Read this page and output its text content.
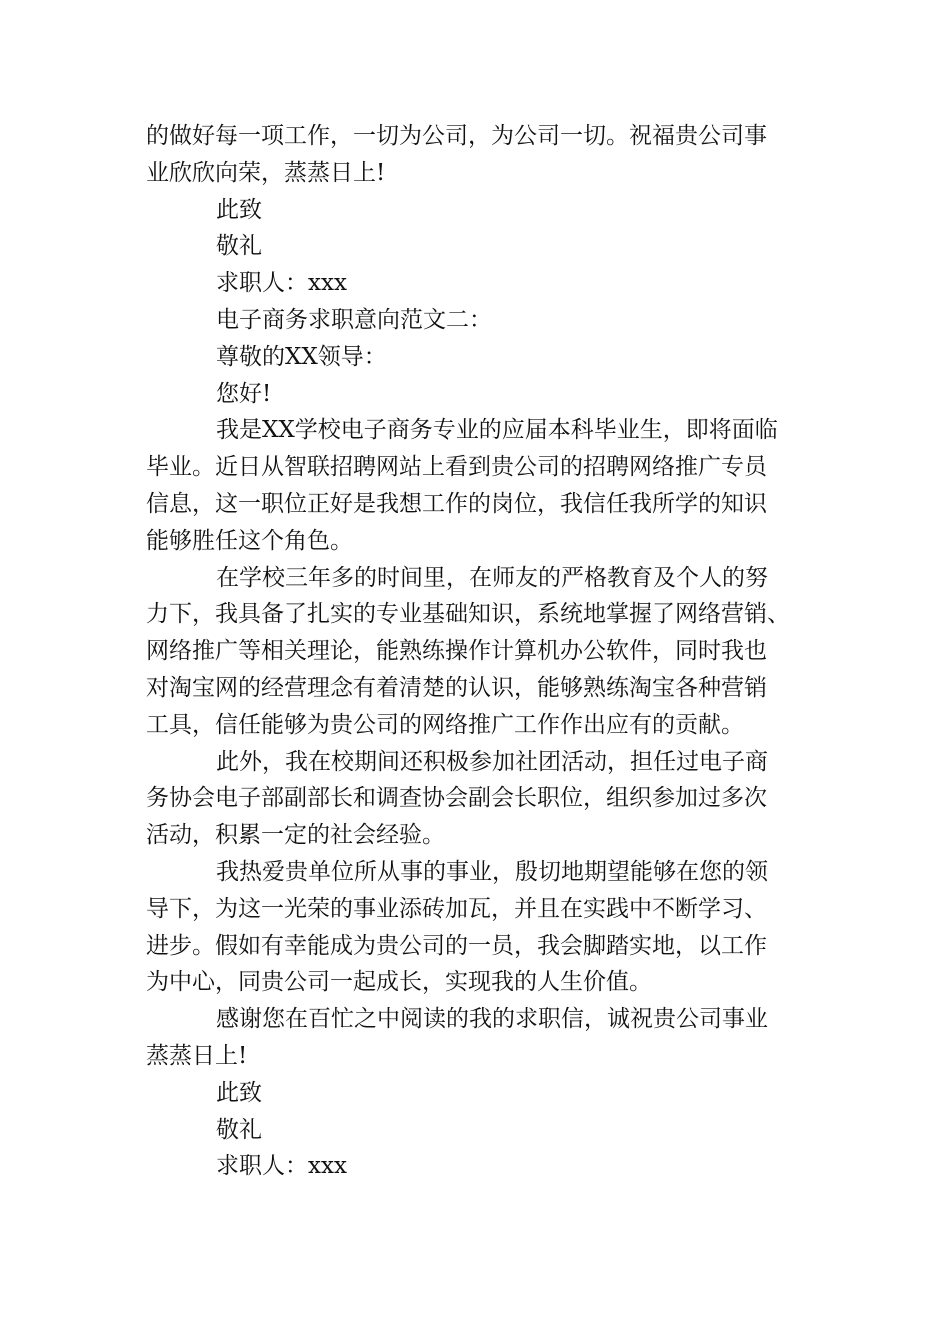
的做好每一项工作，一切为公司，为公司一切。祝福贵公司事
业欣欣向荣，蒸蒸日上!
此致
敬礼
求职人：xxx
电子商务求职意向范文二：
尊敬的XX领导：
您好!
我是XX学校电子商务专业的应届本科毕业生，即将面临
毕业。近日从智联招聘网站上看到贵公司的招聘网络推广专员
信息，这一职位正好是我想工作的岗位，我信任我所学的知识
能够胜任这个角色。
在学校三年多的时间里，在师友的严格教育及个人的努
力下，我具备了扎实的专业基础知识，系统地掌握了网络营销、
网络推广等相关理论，能熟练操作计算机办公软件，同时我也
对淘宝网的经营理念有着清楚的认识，能够熟练淘宝各种营销
工具，信任能够为贵公司的网络推广工作作出应有的贡献。
此外，我在校期间还积极参加社团活动，担任过电子商
务协会电子部副部长和调查协会副会长职位，组织参加过多次
活动，积累一定的社会经验。
我热爱贵单位所从事的事业，殷切地期望能够在您的领
导下，为这一光荣的事业添砖加瓦，并且在实践中不断学习、
进步。假如有幸能成为贵公司的一员，我会脚踏实地，以工作
为中心，同贵公司一起成长，实现我的人生价值。
感谢您在百忙之中阅读的我的求职信，诚祝贵公司事业
蒸蒸日上!
此致
敬礼
求职人：xxx
